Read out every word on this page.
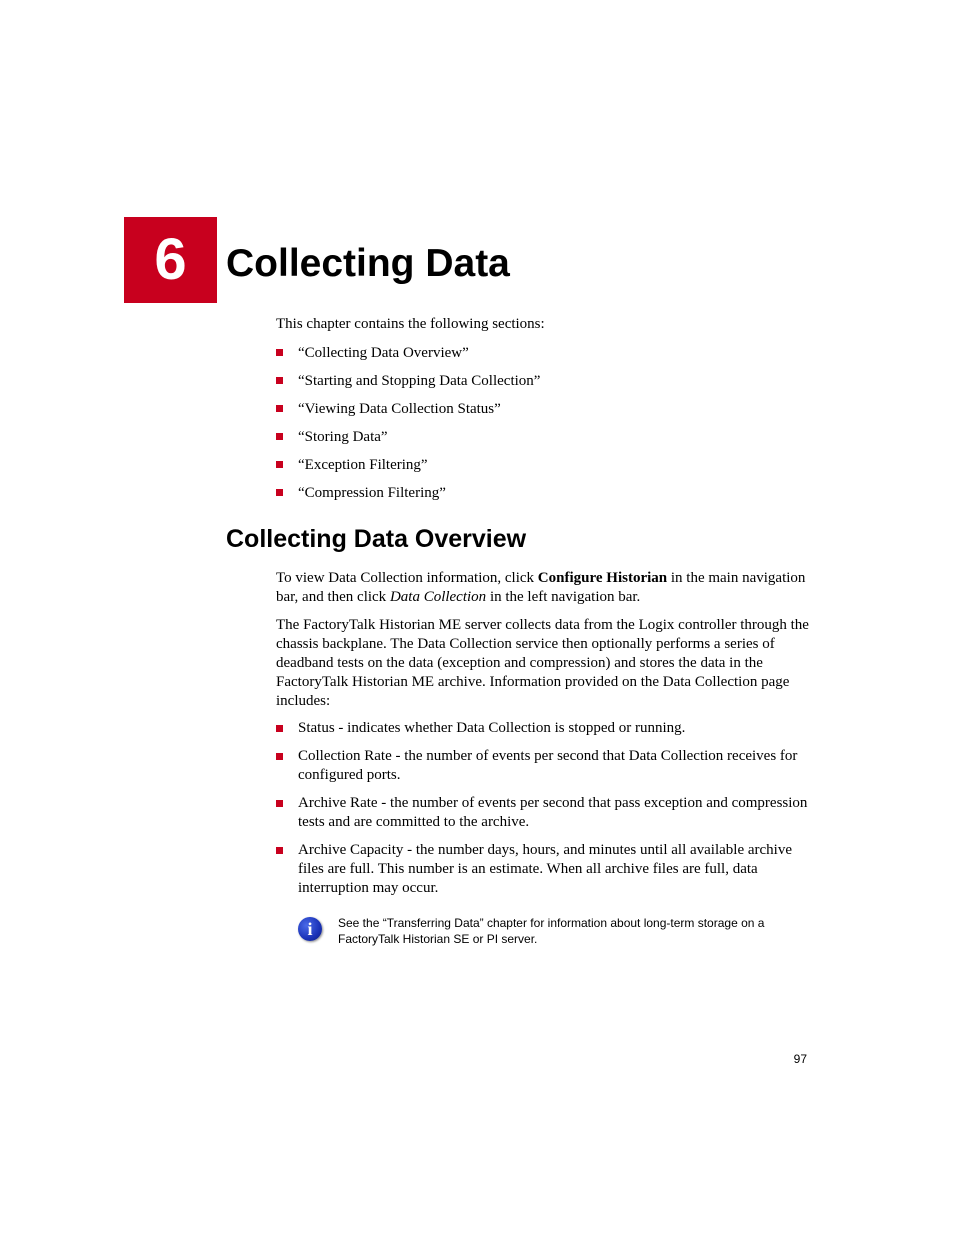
6	Collecting Data
This chapter contains the following sections:
“Collecting Data Overview”
“Starting and Stopping Data Collection”
“Viewing Data Collection Status”
“Storing Data”
“Exception Filtering”
“Compression Filtering”
Collecting Data Overview

To view Data Collection information, click Configure Historian in the main navigation bar, and then click Data Collection in the left navigation bar.

The FactoryTalk Historian ME server collects data from the Logix controller through the chassis backplane. The Data Collection service then optionally performs a series of deadband tests on the data (exception and compression) and stores the data in the FactoryTalk Historian ME archive. Information provided on the Data Collection page includes:

Status - indicates whether Data Collection is stopped or running.
Collection Rate - the number of events per second that Data Collection receives for configured ports.
Archive Rate - the number of events per second that pass exception and compression tests and are committed to the archive.
Archive Capacity - the number days, hours, and minutes until all available archive files are full. This number is an estimate. When all archive files are full, data interruption may occur.
i	See the “Transferring Data” chapter for information about long-term storage on a FactoryTalk Historian SE or PI server.

97
